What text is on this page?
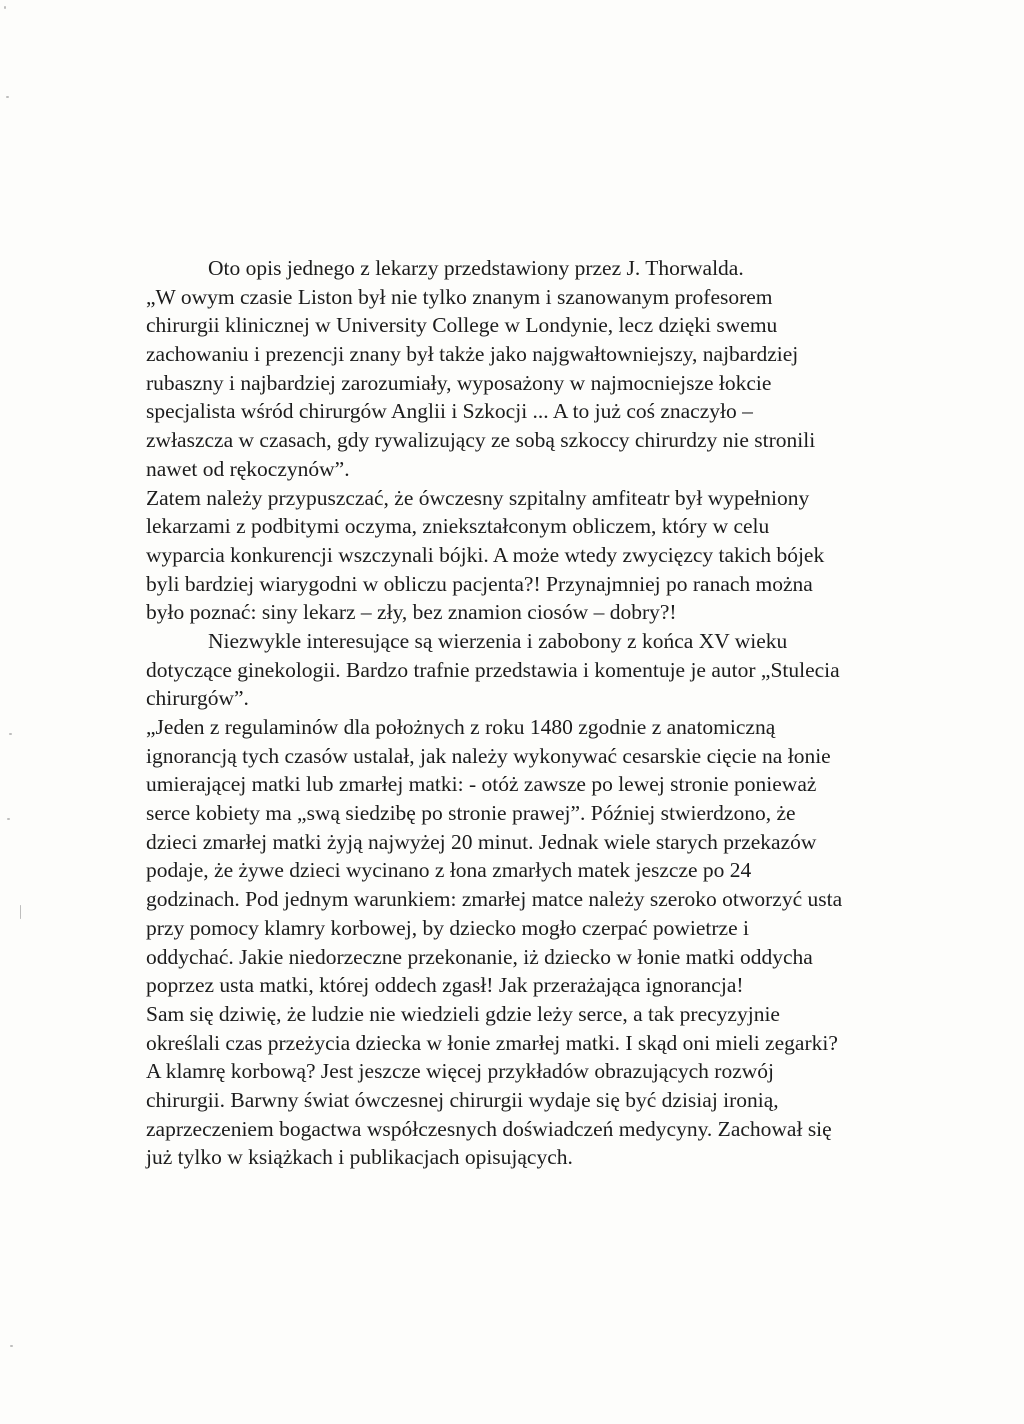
Oto opis jednego z lekarzy przedstawiony przez J. Thorwalda.
„W owym czasie Liston był nie tylko znanym i szanowanym profesorem
chirurgii klinicznej w University College w Londynie, lecz dzięki swemu
zachowaniu i prezencji znany był także jako najgwałtowniejszy, najbardziej
rubaszny i najbardziej zarozumiały, wyposażony w najmocniejsze łokcie
specjalista wśród chirurgów Anglii i Szkocji ... A to już coś znaczyło –
zwłaszcza w czasach, gdy rywalizujący ze sobą szkoccy chirurdzy nie stronili
nawet od rękoczynów”.
Zatem należy przypuszczać, że ówczesny szpitalny amfiteatr był wypełniony
lekarzami z podbitymi oczyma, zniekształconym obliczem, który w celu
wyparcia konkurencji wszczynali bójki. A może wtedy zwycięzcy takich bójek
byli bardziej wiarygodni w obliczu pacjenta?! Przynajmniej po ranach można
było poznać: siny lekarz – zły, bez znamion ciosów – dobry?!
Niezwykle interesujące są wierzenia i zabobony z końca XV wieku
dotyczące ginekologii. Bardzo trafnie przedstawia i komentuje je autor „Stulecia
chirurgów”.
„Jeden z regulaminów dla położnych z roku 1480 zgodnie z anatomiczną
ignorancją tych czasów ustalał, jak należy wykonywać cesarskie cięcie na łonie
umierającej matki lub zmarłej matki: - otóż zawsze po lewej stronie ponieważ
serce kobiety ma „swą siedzibę po stronie prawej”. Później stwierdzono, że
dzieci zmarłej matki żyją najwyżej 20 minut. Jednak wiele starych przekazów
podaje, że żywe dzieci wycinano z łona zmarłych matek jeszcze po 24
godzinach. Pod jednym warunkiem: zmarłej matce należy szeroko otworzyć usta
przy pomocy klamry korbowej, by dziecko mogło czerpać powietrze i
oddychać. Jakie niedorzeczne przekonanie, iż dziecko w łonie matki oddycha
poprzez usta matki, której oddech zgasł! Jak przerażająca ignorancja!
Sam się dziwię, że ludzie nie wiedzieli gdzie leży serce, a tak precyzyjnie
określali czas przeżycia dziecka w łonie zmarłej matki. I skąd oni mieli zegarki?
A klamrę korbową? Jest jeszcze więcej przykładów obrazujących rozwój
chirurgii. Barwny świat ówczesnej chirurgii wydaje się być dzisiaj ironią,
zaprzeczeniem bogactwa współczesnych doświadczeń medycyny. Zachował się
już tylko w książkach i publikacjach opisujących.
